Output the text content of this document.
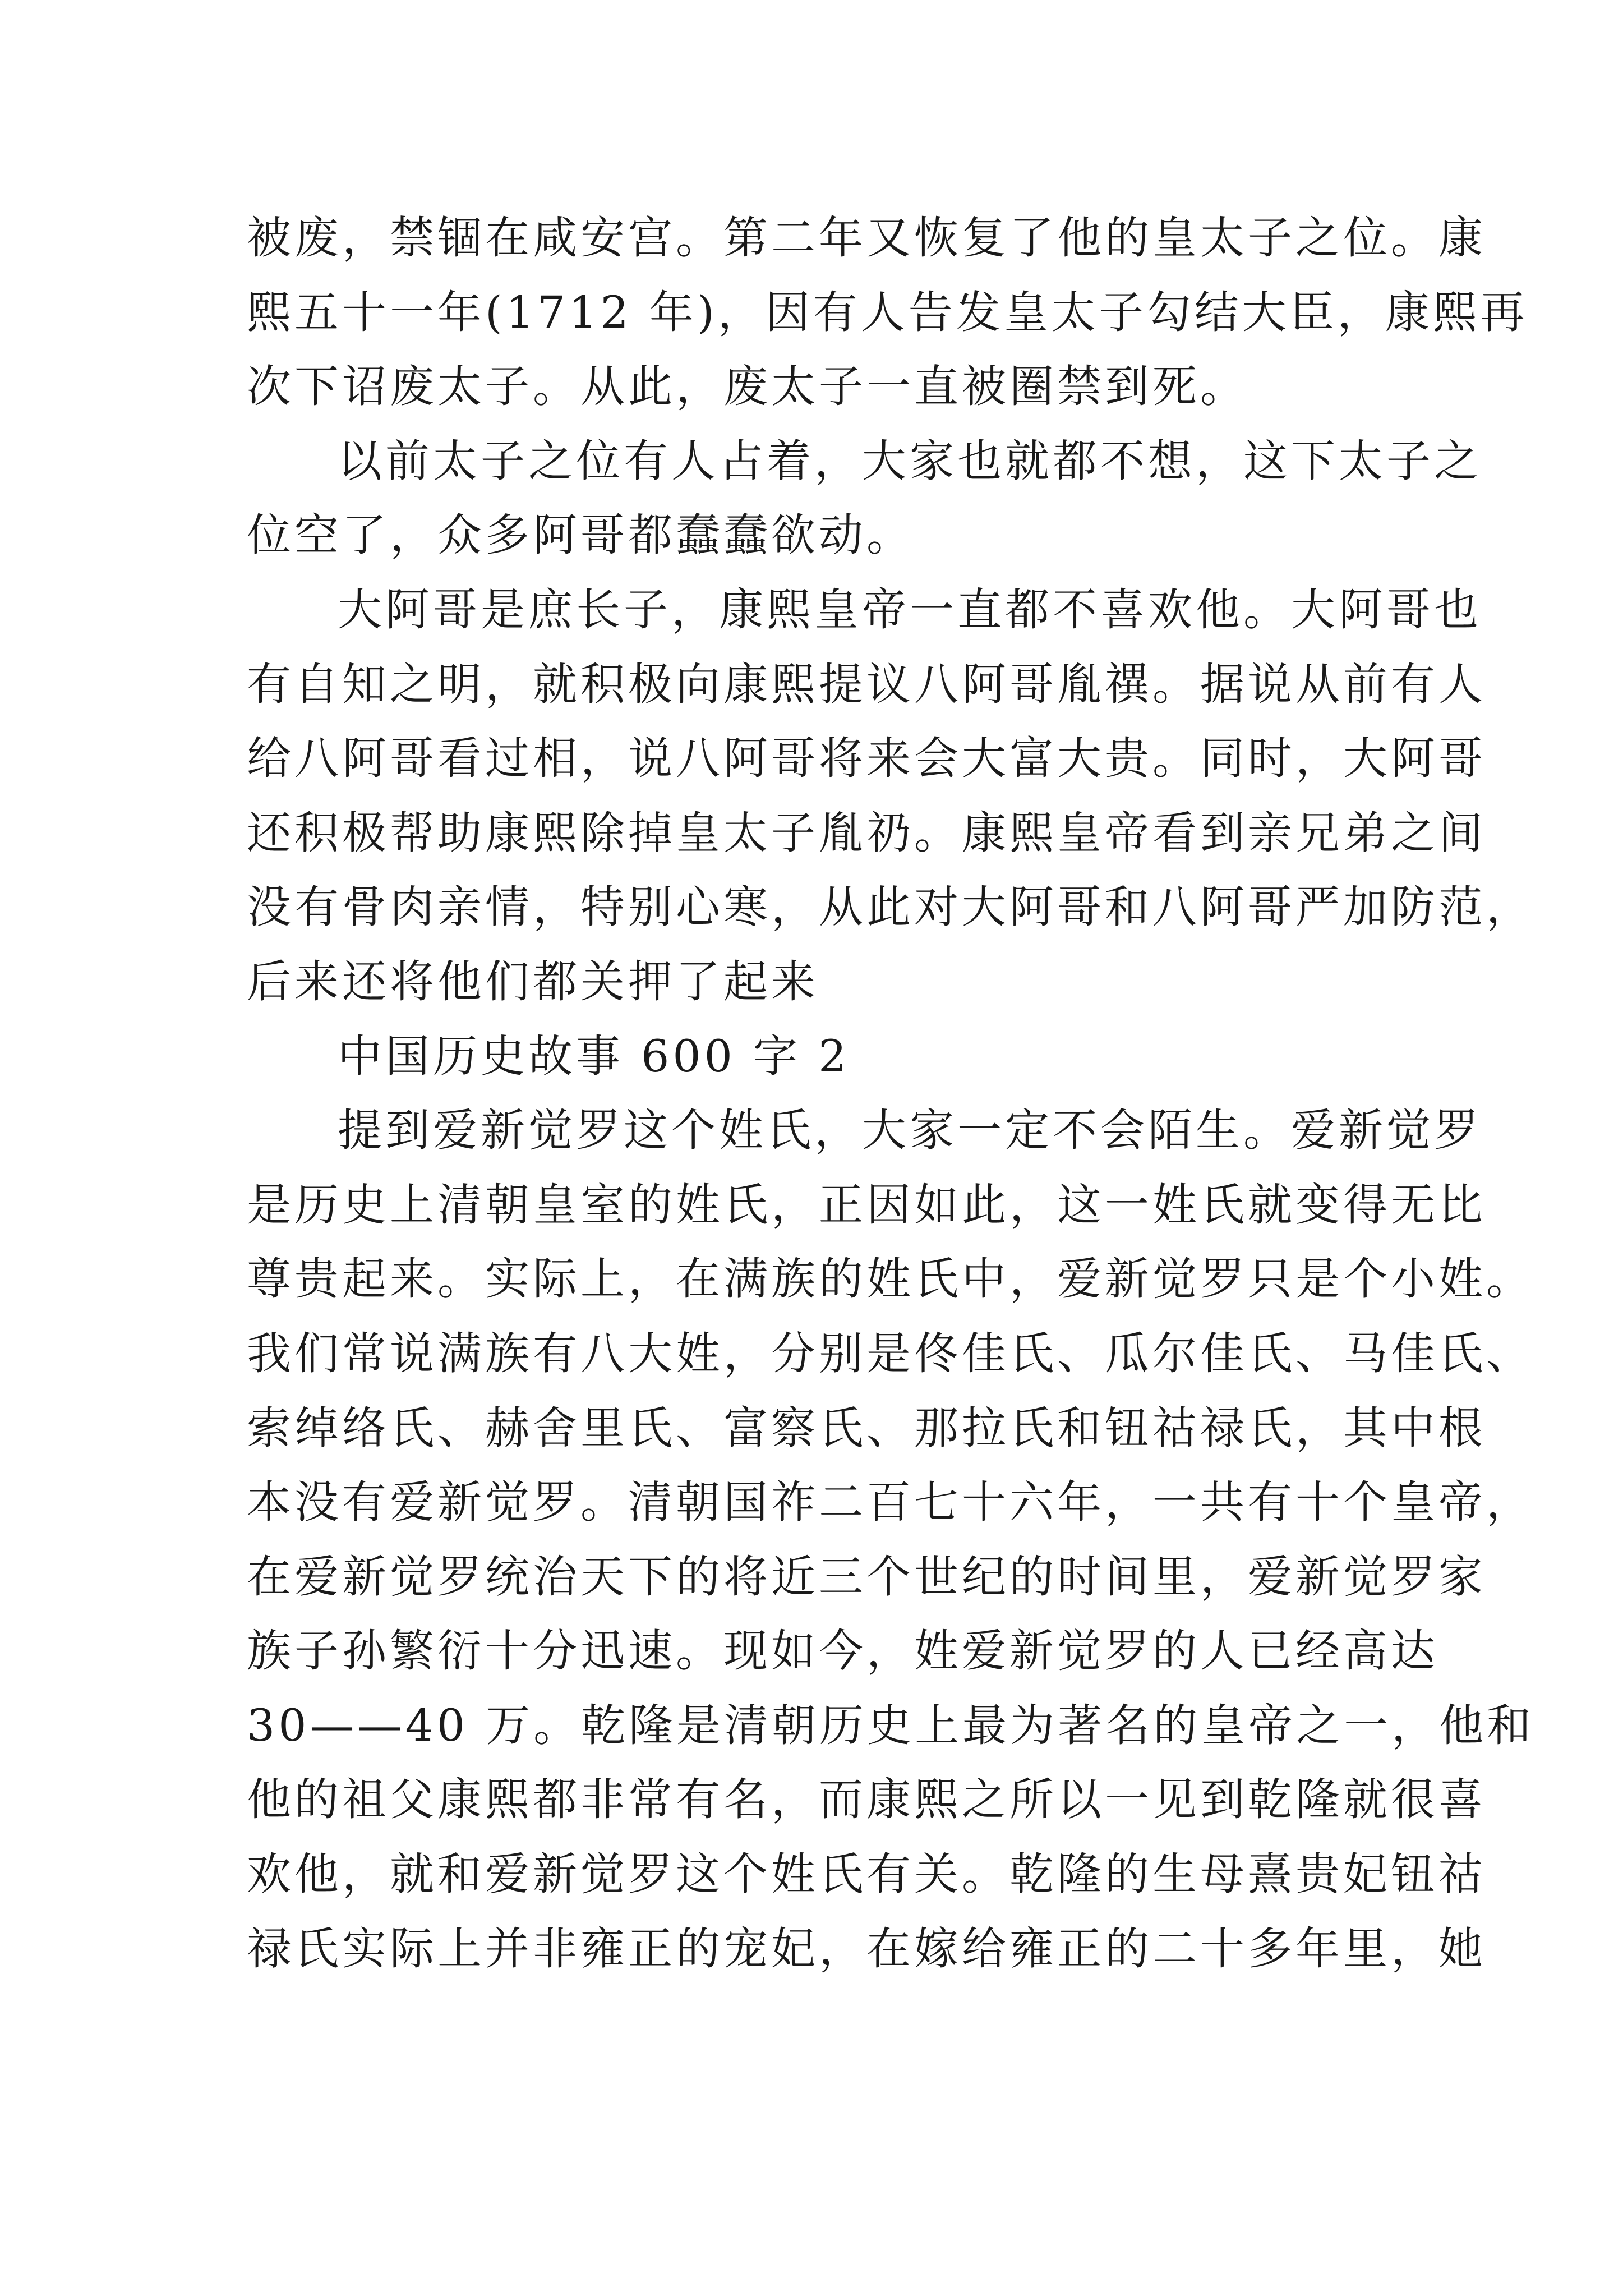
被废，禁锢在咸安宫。第二年又恢复了他的皇太子之位。康
熙五十一年(1712 年)，因有人告发皇太子勾结大臣，康熙再
次下诏废太子。从此，废太子一直被圈禁到死。
以前太子之位有人占着，大家也就都不想，这下太子之
位空了，众多阿哥都蠢蠢欲动。
大阿哥是庶长子，康熙皇帝一直都不喜欢他。大阿哥也
有自知之明，就积极向康熙提议八阿哥胤禩。据说从前有人
给八阿哥看过相，说八阿哥将来会大富大贵。同时，大阿哥
还积极帮助康熙除掉皇太子胤礽。康熙皇帝看到亲兄弟之间
没有骨肉亲情，特别心寒，从此对大阿哥和八阿哥严加防范，
后来还将他们都关押了起来
中国历史故事 600 字 2
提到爱新觉罗这个姓氏，大家一定不会陌生。爱新觉罗
是历史上清朝皇室的姓氏，正因如此，这一姓氏就变得无比
尊贵起来。实际上，在满族的姓氏中，爱新觉罗只是个小姓。
我们常说满族有八大姓，分别是佟佳氏、瓜尔佳氏、马佳氏、
索绰络氏、赫舍里氏、富察氏、那拉氏和钮祜禄氏，其中根
本没有爱新觉罗。清朝国祚二百七十六年，一共有十个皇帝，
在爱新觉罗统治天下的将近三个世纪的时间里，爱新觉罗家
族子孙繁衍十分迅速。现如今，姓爱新觉罗的人已经高达
30——40 万。乾隆是清朝历史上最为著名的皇帝之一，他和
他的祖父康熙都非常有名，而康熙之所以一见到乾隆就很喜
欢他，就和爱新觉罗这个姓氏有关。乾隆的生母熹贵妃钮祜
禄氏实际上并非雍正的宠妃，在嫁给雍正的二十多年里，她
